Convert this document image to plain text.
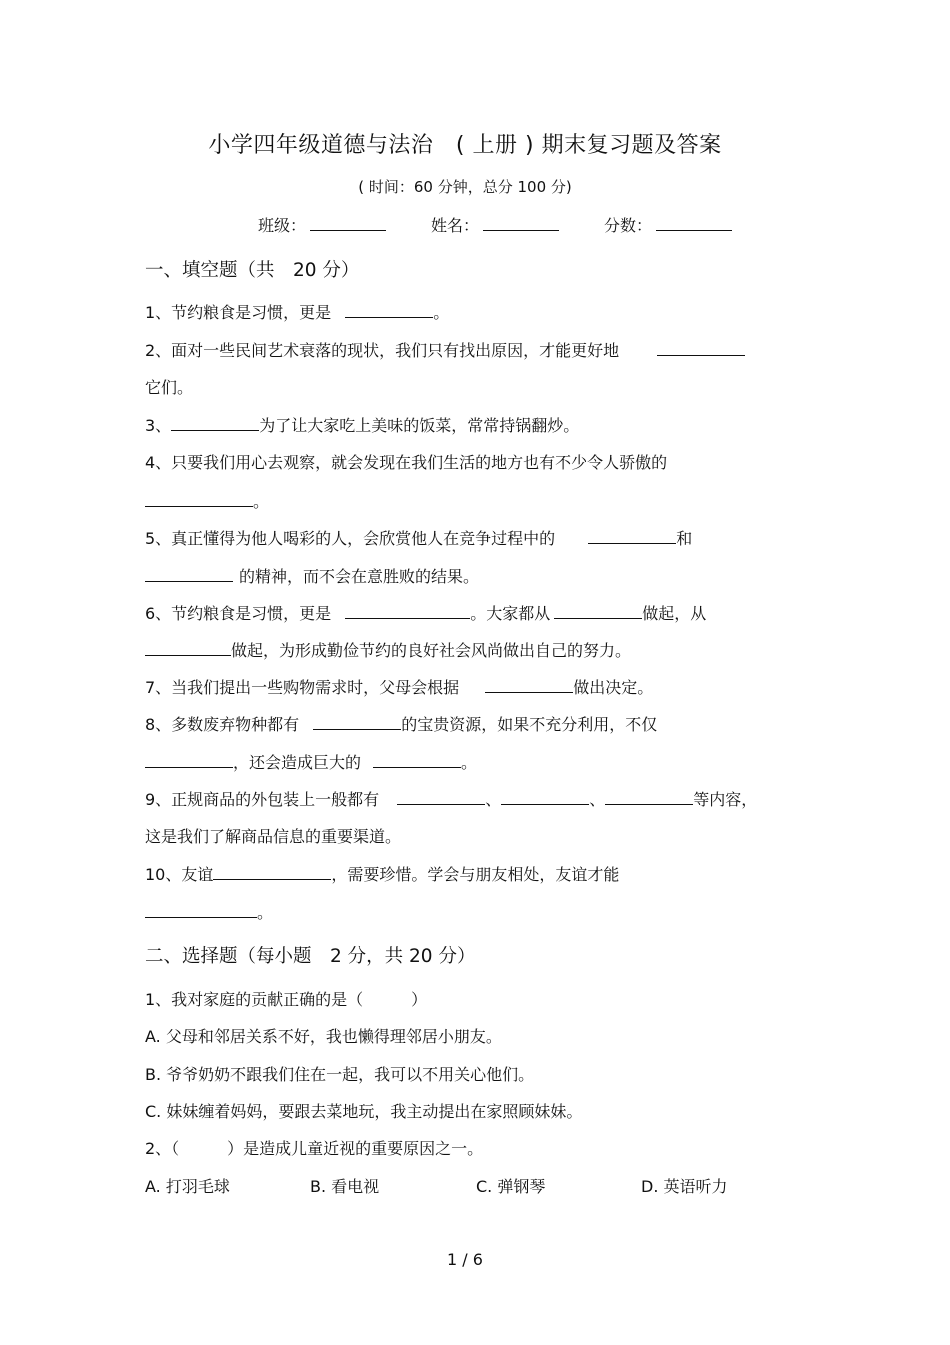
小学四年级道德与法治　( 上册 ) 期末复习题及答案
( 时间：60 分钟，总分 100 分)
班级：	姓名：	分数：
一、填空题（共　20 分）
1、节约粮食是习惯，更是	。
2、面对一些民间艺术衰落的现状，我们只有找出原因，才能更好地
它们。
3、	为了让大家吃上美味的饭菜，常常持锅翻炒。
4、只要我们用心去观察，就会发现在我们生活的地方也有不少令人骄傲的
。
5、真正懂得为他人喝彩的人，会欣赏他人在竞争过程中的	和
的精神，而不会在意胜败的结果。
6、节约粮食是习惯，更是	。大家都从	做起，从
做起，为形成勤俭节约的良好社会风尚做出自己的努力。
7、当我们提出一些购物需求时，父母会根据	做出决定。
8、多数废弃物种都有	的宝贵资源，如果不充分利用，不仅
，还会造成巨大的	。
9、正规商品的外包装上一般都有	、	、	等内容，
这是我们了解商品信息的重要渠道。
10、友谊	，需要珍惜。学会与朋友相处，友谊才能
。
二、选择题（每小题　2 分，共 20 分）
1、我对家庭的贡献正确的是（　　　）
A. 父母和邻居关系不好，我也懒得理邻居小朋友。
B. 爷爷奶奶不跟我们住在一起，我可以不用关心他们。
C. 妹妹缠着妈妈，要跟去菜地玩，我主动提出在家照顾妹妹。
2、（　　　）是造成儿童近视的重要原因之一。
A. 打羽毛球	B. 看电视	C. 弹钢琴	D. 英语听力
1 / 6
